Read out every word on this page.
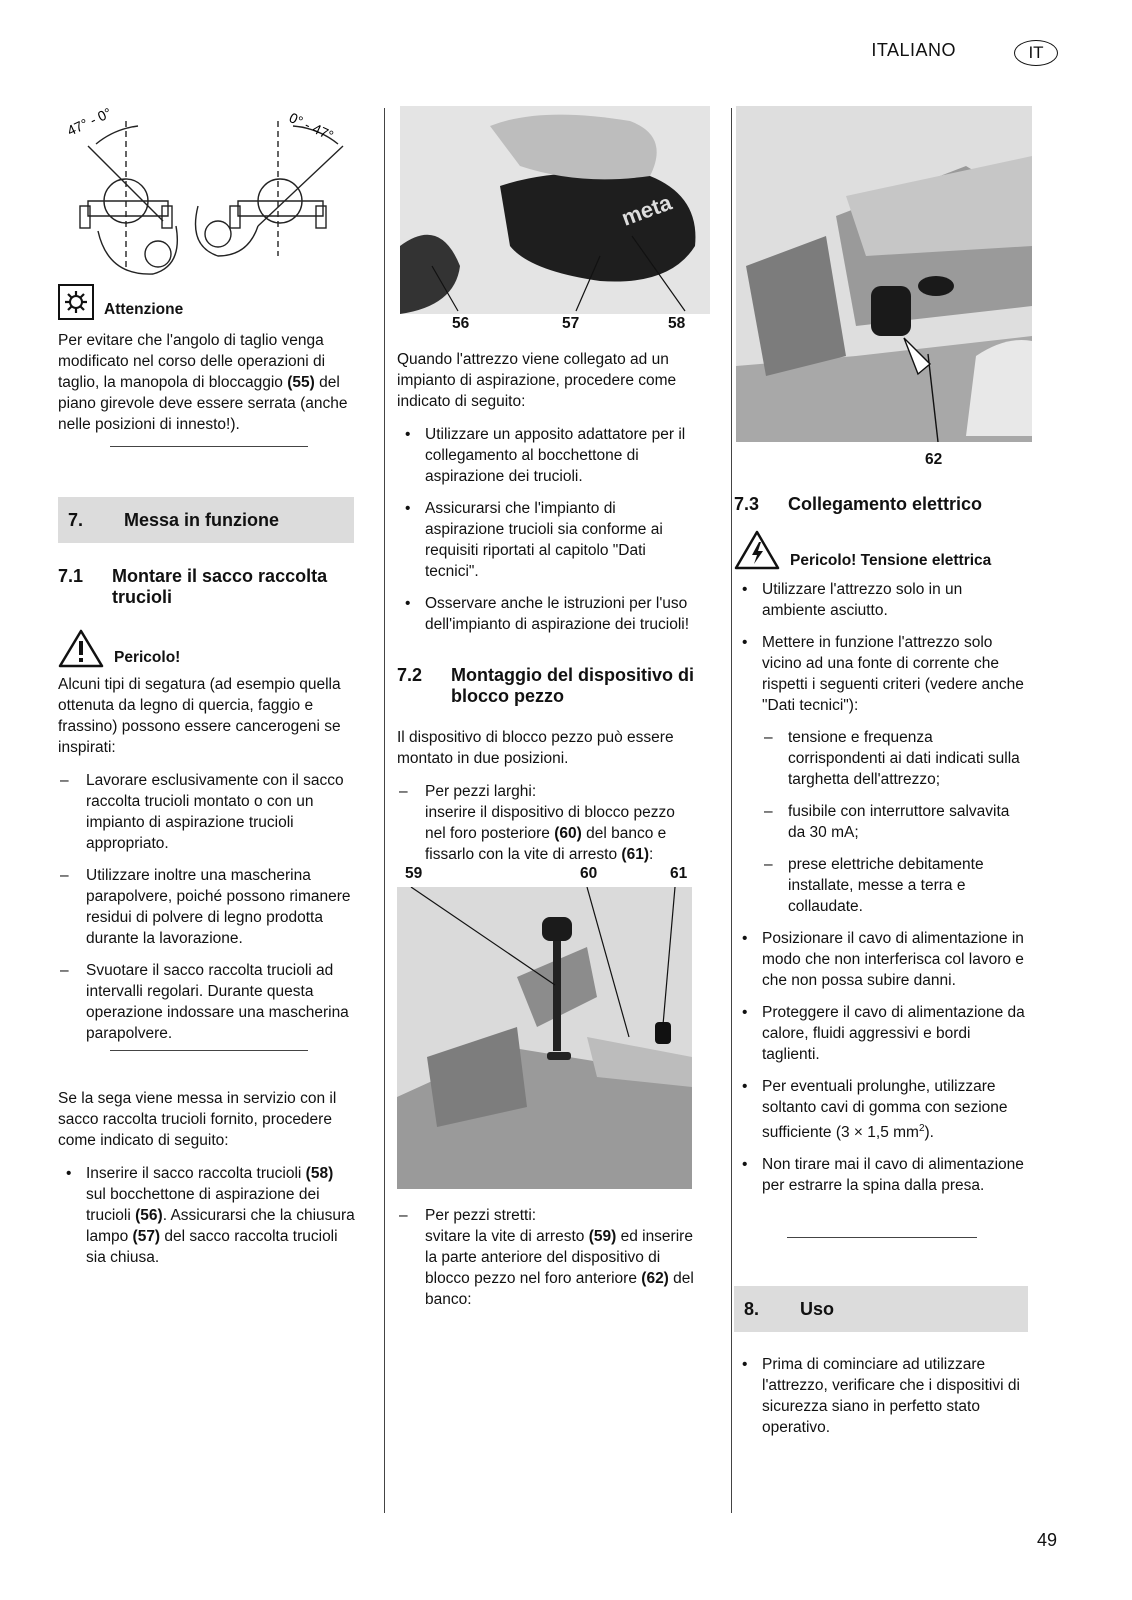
ITALIANO	IT
47° - 0°	0° - 47°
Attenzione

Per evitare che l'angolo di taglio venga modificato nel corso delle operazioni di taglio, la manopola di bloccaggio (55) del piano girevole deve essere serrata (anche nelle posizioni di innesto!).

7. Messa in funzione
7.1 Montare il sacco raccolta trucioli
Pericolo!

Alcuni tipi di segatura (ad esempio quella ottenuta da legno di quercia, faggio e frassino) possono essere cancerogeni se inspirati:

– Lavorare esclusivamente con il sacco raccolta trucioli montato o con un impianto di aspirazione trucioli appropriato.
– Utilizzare inoltre una mascherina parapolvere, poiché possono rimanere residui di polvere di legno prodotta durante la lavorazione.
– Svuotare il sacco raccolta trucioli ad intervalli regolari. Durante questa operazione indossare una mascherina parapolvere.

Se la sega viene messa in servizio con il sacco raccolta trucioli fornito, procedere come indicato di seguito:

• Inserire il sacco raccolta trucioli (58) sul bocchettone di aspirazione dei trucioli (56). Assicurarsi che la chiusura lampo (57) del sacco raccolta trucioli sia chiusa.
meta
56	57	58

Quando l'attrezzo viene collegato ad un impianto di aspirazione, procedere come indicato di seguito:

• Utilizzare un apposito adattatore per il collegamento al bocchettone di aspirazione dei trucioli.
• Assicurarsi che l'impianto di aspirazione trucioli sia conforme ai requisiti riportati al capitolo "Dati tecnici".
• Osservare anche le istruzioni per l'uso dell'impianto di aspirazione dei trucioli!
7.2 Montaggio del dispositivo di blocco pezzo

Il dispositivo di blocco pezzo può essere montato in due posizioni.

– Per pezzi larghi:
inserire il dispositivo di blocco pezzo nel foro posteriore (60) del banco e fissarlo con la vite di arresto (61):
59	60	61
– Per pezzi stretti:
svitare la vite di arresto (59) ed inserire la parte anteriore del dispositivo di blocco pezzo nel foro anteriore (62) del banco:
62
7.3 Collegamento elettrico
Pericolo! Tensione elettrica
• Utilizzare l'attrezzo solo in un ambiente asciutto.
• Mettere in funzione l'attrezzo solo vicino ad una fonte di corrente che rispetti i seguenti criteri (vedere anche "Dati tecnici"):
– tensione e frequenza corrispondenti ai dati indicati sulla targhetta dell'attrezzo;
– fusibile con interruttore salvavita da 30 mA;
– prese elettriche debitamente installate, messe a terra e collaudate.
• Posizionare il cavo di alimentazione in modo che non interferisca col lavoro e che non possa subire danni.
• Proteggere il cavo di alimentazione da calore, fluidi aggressivi e bordi taglienti.
• Per eventuali prolunghe, utilizzare soltanto cavi di gomma con sezione sufficiente (3 × 1,5 $mm^2$).
• Non tirare mai il cavo di alimentazione per estrarre la spina dalla presa.
8. Uso
• Prima di cominciare ad utilizzare l'attrezzo, verificare che i dispositivi di sicurezza siano in perfetto stato operativo.
49
